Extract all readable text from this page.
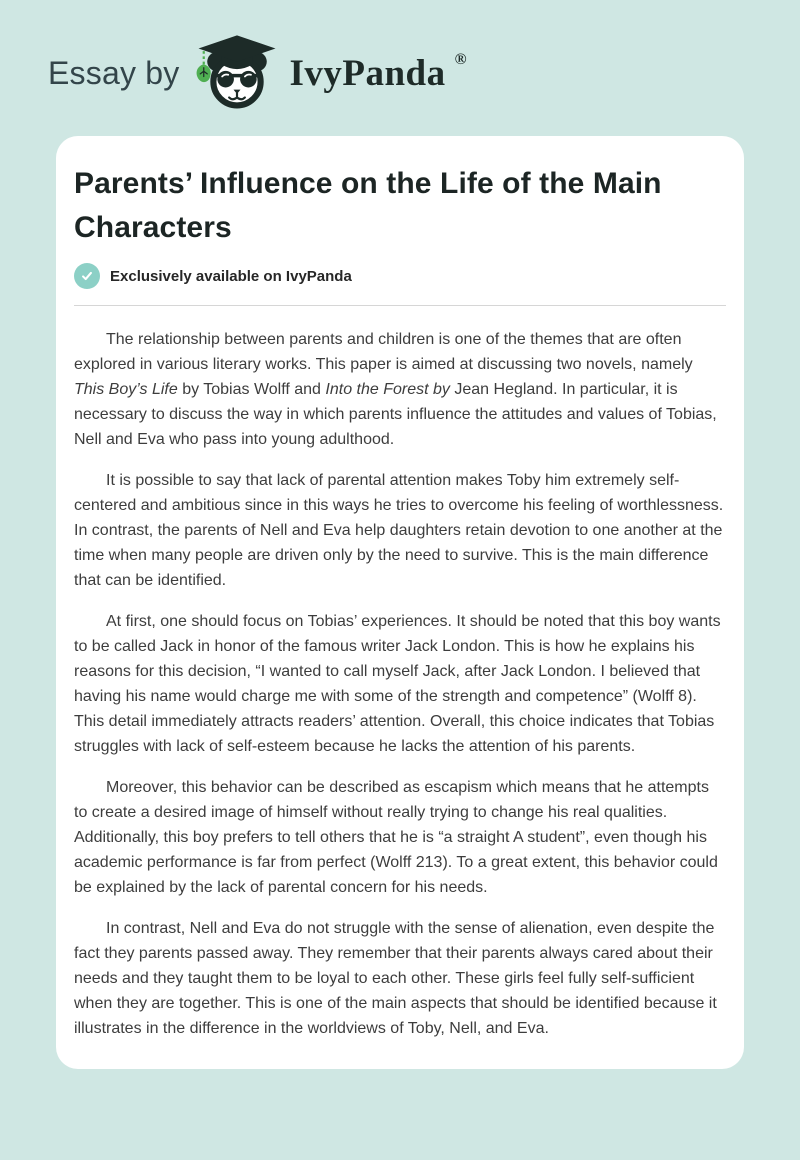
Essay by	IvyPanda ®
Parents’ Influence on the Life of the Main Characters
Exclusively available on IvyPanda

The relationship between parents and children is one of the themes that are often explored in various literary works. This paper is aimed at discussing two novels, namely This Boy’s Life by Tobias Wolff and Into the Forest by Jean Hegland. In particular, it is necessary to discuss the way in which parents influence the attitudes and values of Tobias, Nell and Eva who pass into young adulthood.

It is possible to say that lack of parental attention makes Toby him extremely self-centered and ambitious since in this ways he tries to overcome his feeling of worthlessness. In contrast, the parents of Nell and Eva help daughters retain devotion to one another at the time when many people are driven only by the need to survive. This is the main difference that can be identified.

At first, one should focus on Tobias’ experiences. It should be noted that this boy wants to be called Jack in honor of the famous writer Jack London. This is how he explains his reasons for this decision, “I wanted to call myself Jack, after Jack London. I believed that having his name would charge me with some of the strength and competence” (Wolff 8). This detail immediately attracts readers’ attention. Overall, this choice indicates that Tobias struggles with lack of self-esteem because he lacks the attention of his parents.

Moreover, this behavior can be described as escapism which means that he attempts to create a desired image of himself without really trying to change his real qualities. Additionally, this boy prefers to tell others that he is “a straight A student”, even though his academic performance is far from perfect (Wolff 213). To a great extent, this behavior could be explained by the lack of parental concern for his needs.

In contrast, Nell and Eva do not struggle with the sense of alienation, even despite the fact they parents passed away. They remember that their parents always cared about their needs and they taught them to be loyal to each other. These girls feel fully self-sufficient when they are together. This is one of the main aspects that should be identified because it illustrates in the difference in the worldviews of Toby, Nell, and Eva.
